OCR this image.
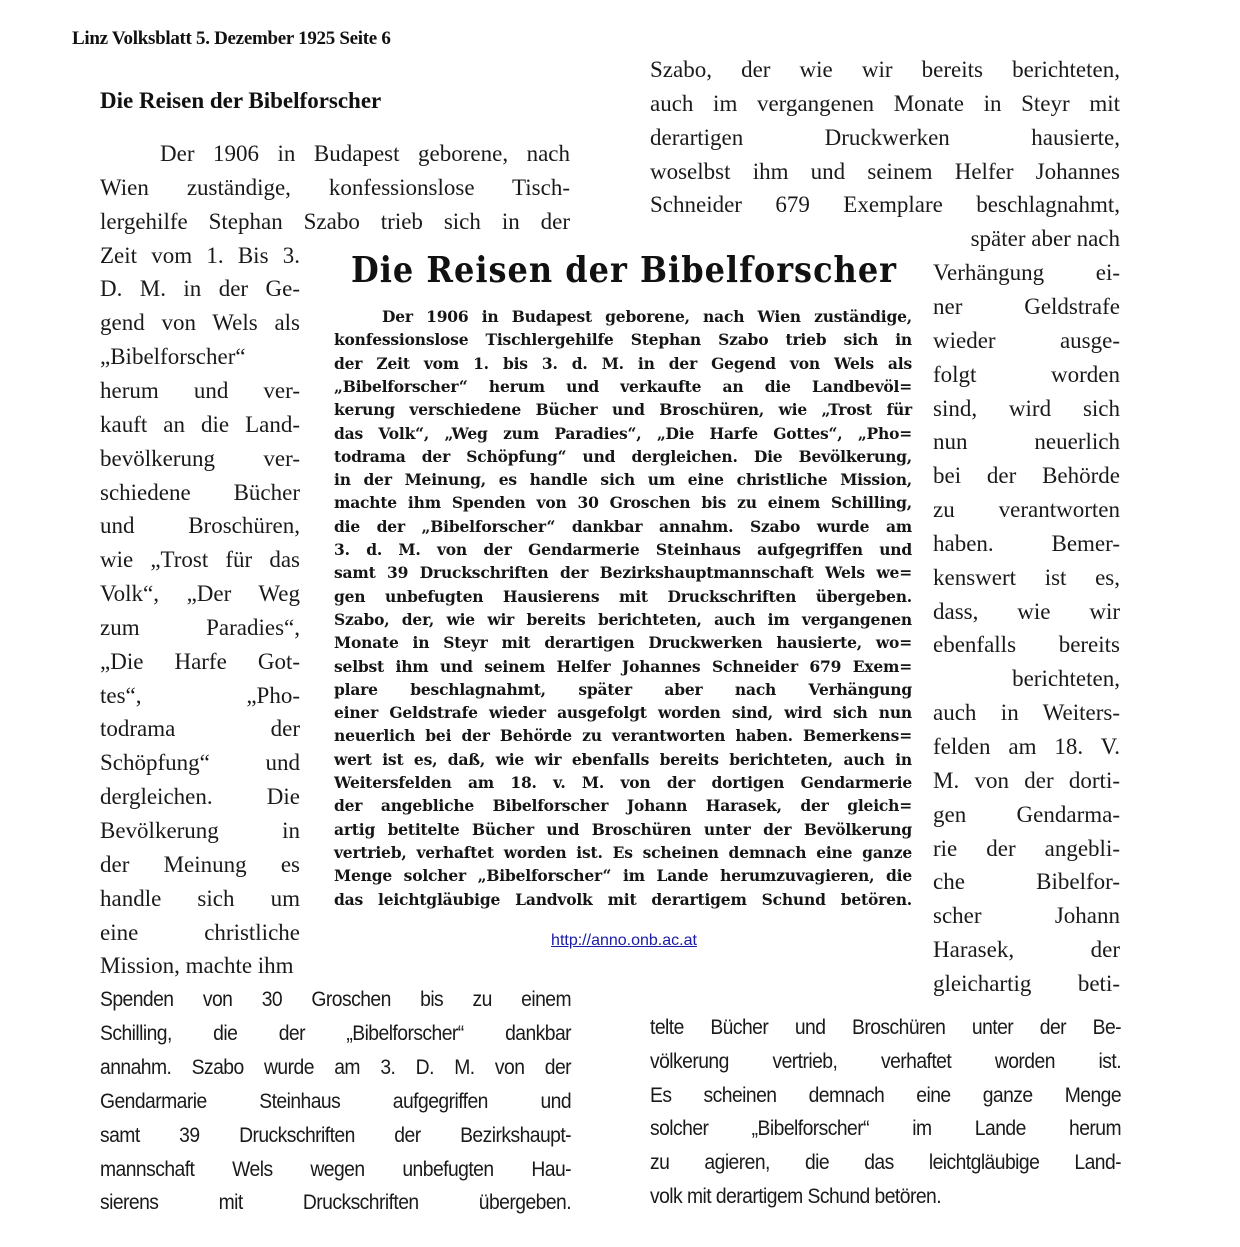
Linz Volksblatt 5. Dezember 1925 Seite 6
Die Reisen der Bibelforscher
Der 1906 in Budapest geborene, nach
Wien zuständige, konfessionslose Tisch-
lergehilfe Stephan Szabo trieb sich in der
Zeit vom 1. Bis 3.
D. M. in der Ge-
gend von Wels als
„Bibelforscher“
herum und ver-
kauft an die Land-
bevölkerung ver-
schiedene Bücher
und Broschüren,
wie „Trost für das
Volk“, „Der Weg
zum Paradies“,
„Die Harfe Got-
tes“, „Pho-
todrama der
Schöpfung“ und
dergleichen. Die
Bevölkerung in
der Meinung es
handle sich um
eine christliche
Mission, machte ihm
Spenden von 30 Groschen bis zu einem
Schilling, die der „Bibelforscher“ dankbar
annahm. Szabo wurde am 3. D. M. von der
Gendarmarie Steinhaus aufgegriffen und
samt 39 Druckschriften der Bezirkshaupt-
mannschaft Wels wegen unbefugten Hau-
sierens mit Druckschriften übergeben.
Szabo, der wie wir bereits berichteten,
auch im vergangenen Monate in Steyr mit
derartigen Druckwerken hausierte,
woselbst ihm und seinem Helfer Johannes
Schneider 679 Exemplare beschlagnahmt,
später aber nach
Verhängung ei-
ner Geldstrafe
wieder ausge-
folgt worden
sind, wird sich
nun neuerlich
bei der Behörde
zu verantworten
haben. Bemer-
kenswert ist es,
dass, wie wir
ebenfalls bereits
berichteten,
auch in Weiters-
felden am 18. V.
M. von der dorti-
gen Gendarma-
rie der angebli-
che Bibelfor-
scher Johann
Harasek, der
gleichartig beti-
telte Bücher und Broschüren unter der Be-
völkerung vertrieb, verhaftet worden ist.
Es scheinen demnach eine ganze Menge
solcher „Bibelforscher“ im Lande herum
zu agieren, die das leichtgläubige Land-
volk mit derartigem Schund betören.
Die Reisen der Bibelforscher
Der 1906 in Budapest geborene, nach Wien zuständige,
konfessionslose Tischlergehilfe Stephan Szabo trieb sich in
der Zeit vom 1. bis 3. d. M. in der Gegend von Wels als
„Bibelforscher“ herum und verkaufte an die Landbevöl=
kerung verschiedene Bücher und Broschüren, wie „Trost für
das Volk“, „Weg zum Paradies“, „Die Harfe Gottes“, „Pho=
todrama der Schöpfung“ und dergleichen. Die Bevölkerung,
in der Meinung, es handle sich um eine christliche Mission,
machte ihm Spenden von 30 Groschen bis zu einem Schilling,
die der „Bibelforscher“ dankbar annahm. Szabo wurde am
3. d. M. von der Gendarmerie Steinhaus aufgegriffen und
samt 39 Druckschriften der Bezirkshauptmannschaft Wels we=
gen unbefugten Hausierens mit Druckschriften übergeben.
Szabo, der, wie wir bereits berichteten, auch im vergangenen
Monate in Steyr mit derartigen Druckwerken hausierte, wo=
selbst ihm und seinem Helfer Johannes Schneider 679 Exem=
plare beschlagnahmt, später aber nach Verhängung
einer Geldstrafe wieder ausgefolgt worden sind, wird sich nun
neuerlich bei der Behörde zu verantworten haben. Bemerkens=
wert ist es, daß, wie wir ebenfalls bereits berichteten, auch in
Weitersfelden am 18. v. M. von der dortigen Gendarmerie
der angebliche Bibelforscher Johann Harasek, der gleich=
artig betitelte Bücher und Broschüren unter der Bevölkerung
vertrieb, verhaftet worden ist. Es scheinen demnach eine ganze
Menge solcher „Bibelforscher“ im Lande herumzuvagieren, die
das leichtgläubige Landvolk mit derartigem Schund betören.
http://anno.onb.ac.at
